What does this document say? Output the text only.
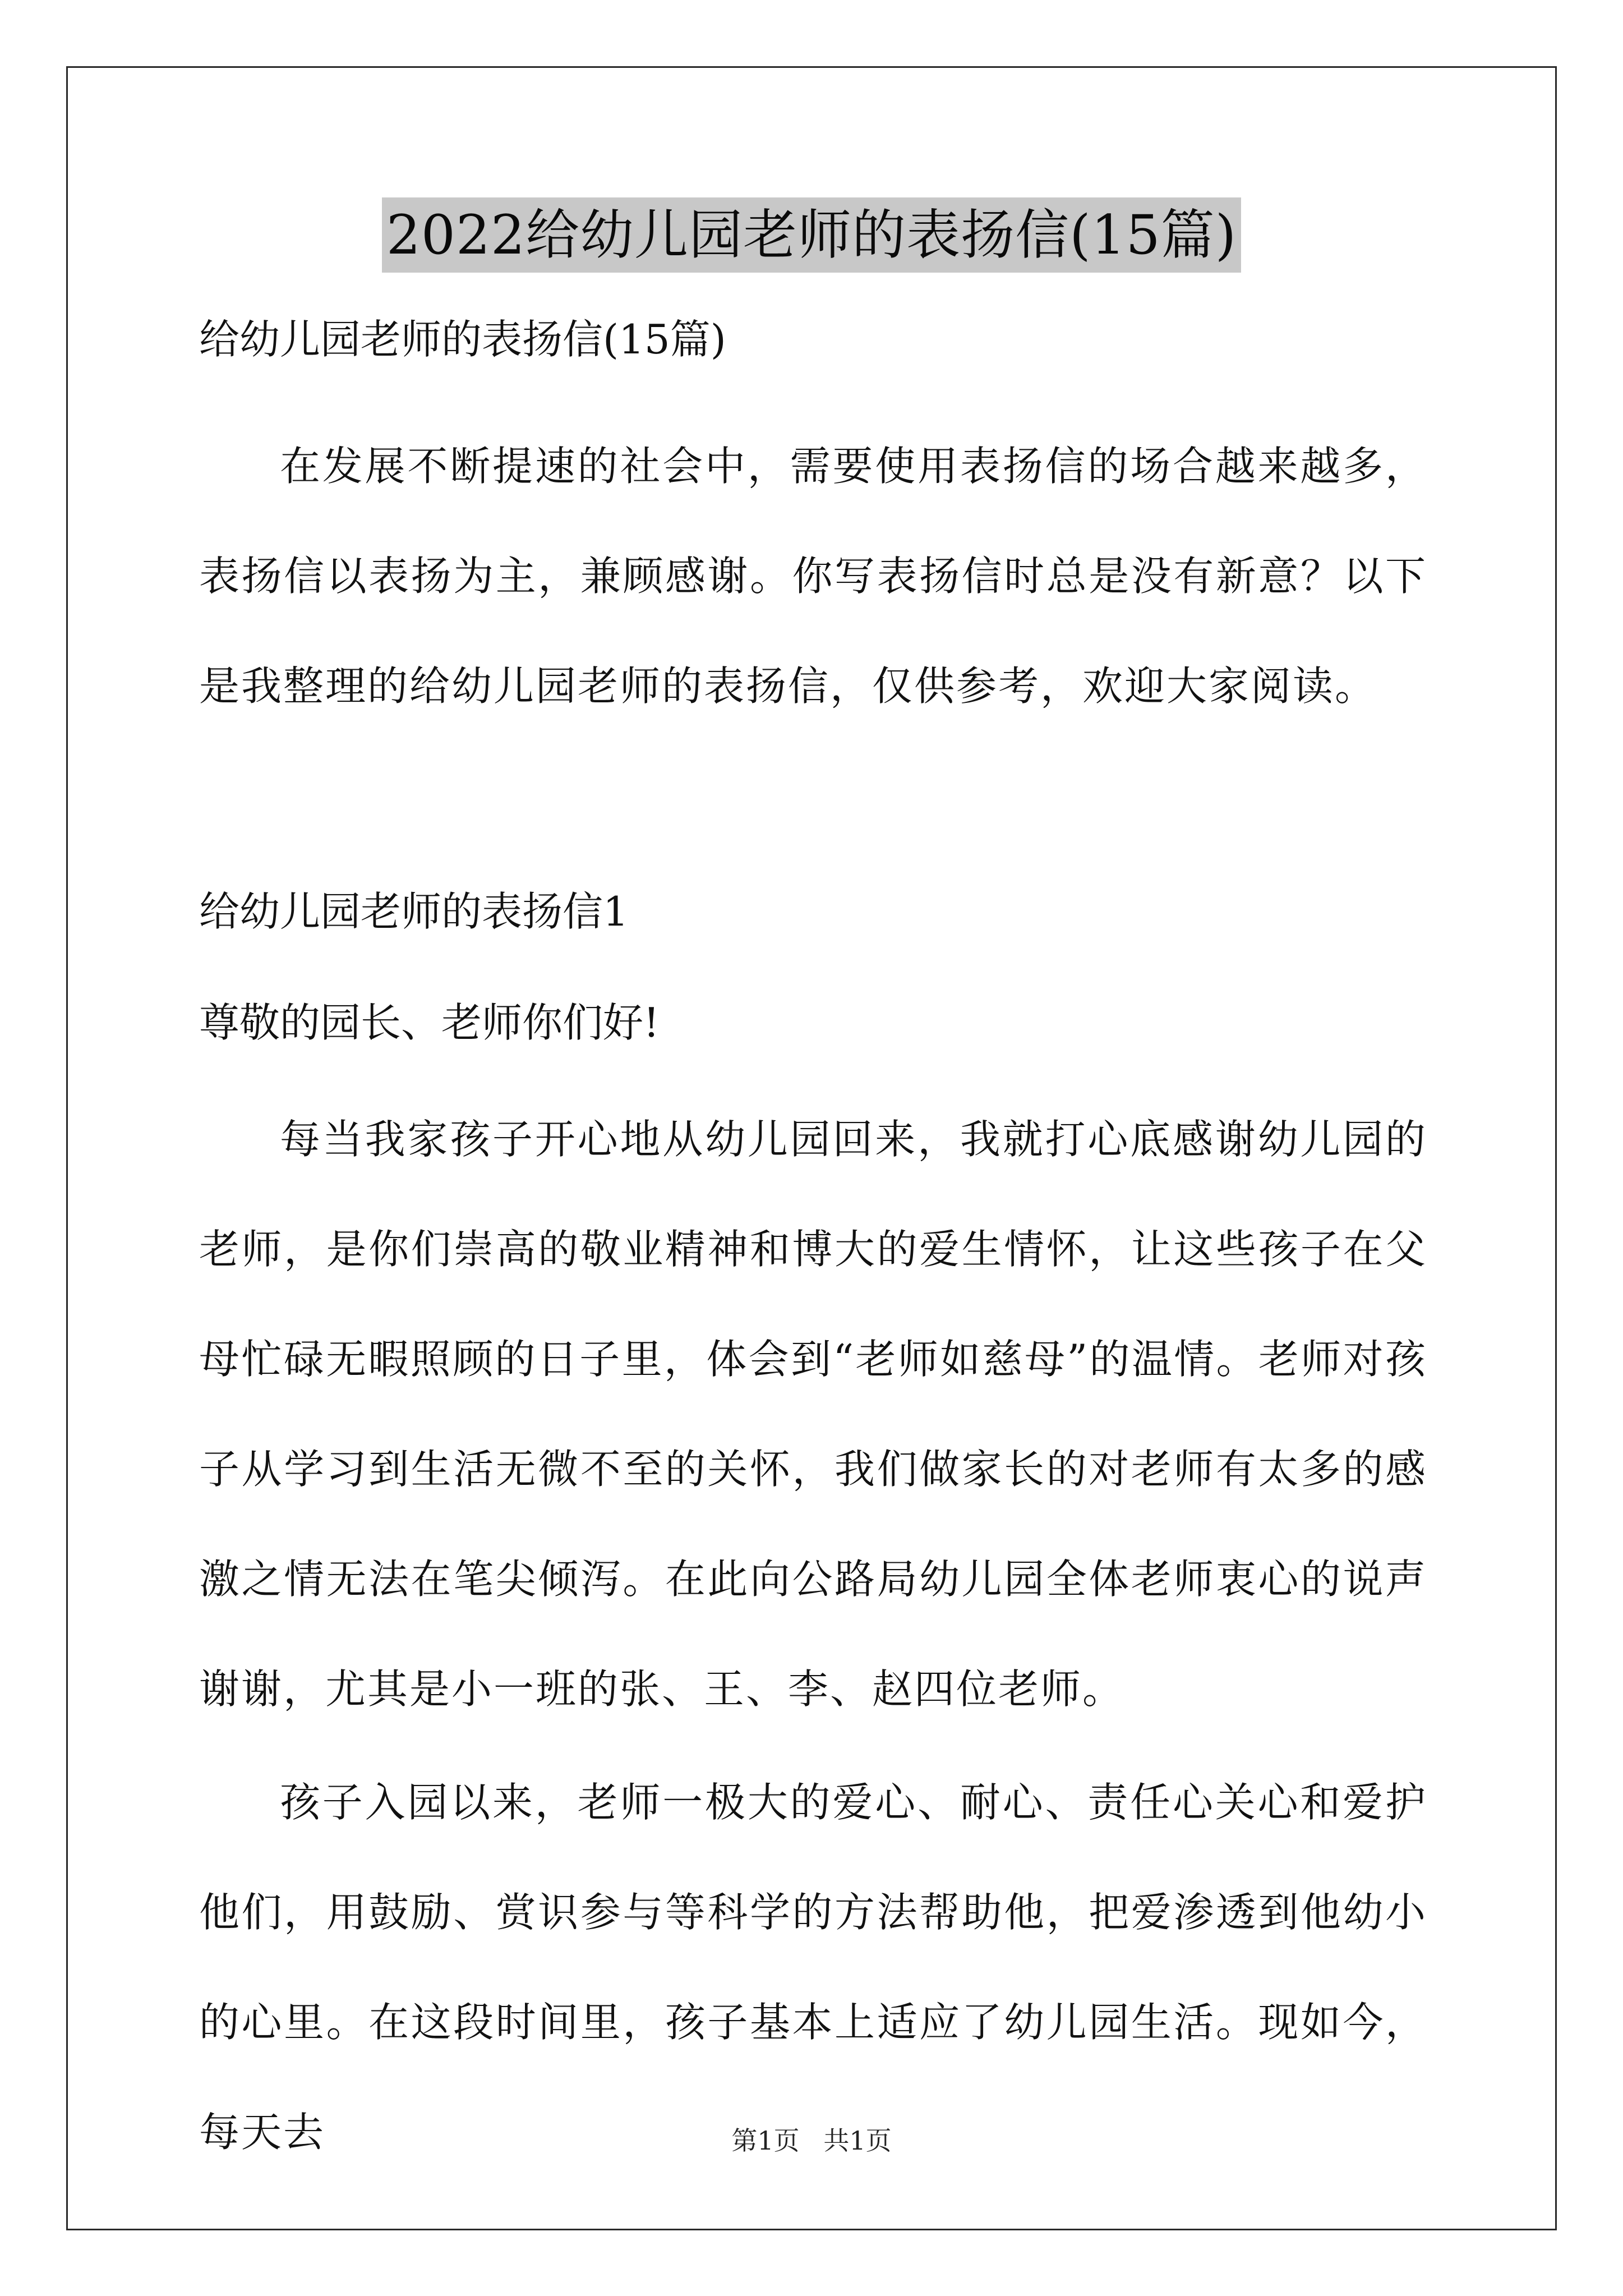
2022给幼儿园老师的表扬信(15篇)
给幼儿园老师的表扬信(15篇)
在发展不断提速的社会中，需要使用表扬信的场合越来越多，表扬信以表扬为主，兼顾感谢。你写表扬信时总是没有新意？以下是我整理的给幼儿园老师的表扬信，仅供参考，欢迎大家阅读。
给幼儿园老师的表扬信1
尊敬的园长、老师你们好!
每当我家孩子开心地从幼儿园回来，我就打心底感谢幼儿园的老师，是你们崇高的敬业精神和博大的爱生情怀，让这些孩子在父母忙碌无暇照顾的日子里，体会到“老师如慈母”的温情。老师对孩子从学习到生活无微不至的关怀，我们做家长的对老师有太多的感激之情无法在笔尖倾泻。在此向公路局幼儿园全体老师衷心的说声谢谢，尤其是小一班的张、王、李、赵四位老师。
孩子入园以来，老师一极大的爱心、耐心、责任心关心和爱护他们，用鼓励、赏识参与等科学的方法帮助他，把爱渗透到他幼小的心里。在这段时间里，孩子基本上适应了幼儿园生活。现如今，每天去	第1页 共1页
